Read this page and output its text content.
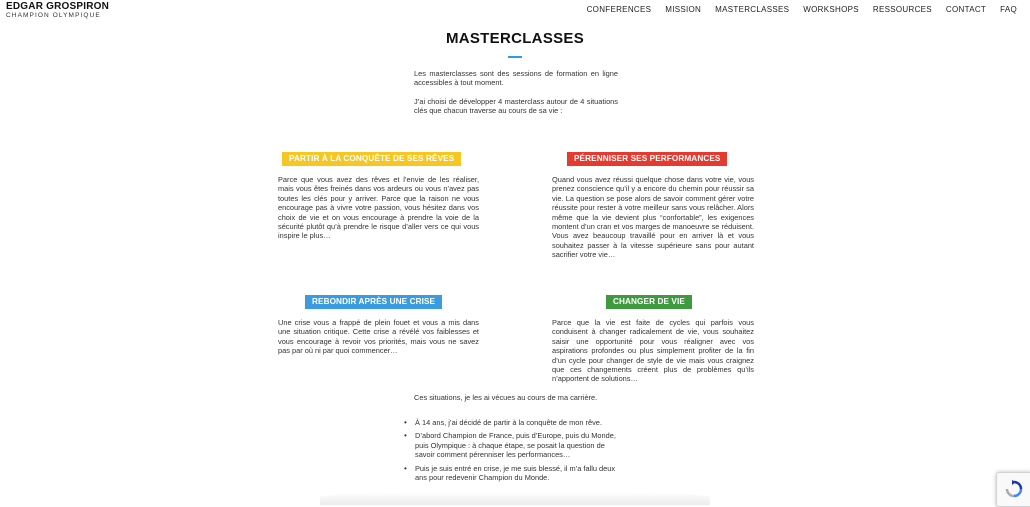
EDGAR GROSPIRON
CHAMPION OLYMPIQUE
CONFERENCES MISSION MASTERCLASSES WORKSHOPS RESSOURCES CONTACT FAQ
MASTERCLASSES
Les masterclasses sont des sessions de formation en ligne accessibles à tout moment.
J’ai choisi de développer 4 masterclass autour de 4 situations clés que chacun traverse au cours de sa vie :
PARTIR À LA CONQUÊTE DE SES RÊVES
Parce que vous avez des rêves et l’envie de les réaliser, mais vous êtes freinés dans vos ardeurs ou vous n’avez pas toutes les clés pour y arriver. Parce que la raison ne vous encourage pas à vivre votre passion, vous hésitez dans vos choix de vie et on vous encourage à prendre la voie de la sécurité plutôt qu’à prendre le risque d’aller vers ce qui vous inspire le plus…
PÉRENNISER SES PERFORMANCES
Quand vous avez réussi quelque chose dans votre vie, vous prenez conscience qu’il y a encore du chemin pour réussir sa vie. La question se pose alors de savoir comment gérer votre réussite pour rester à votre meilleur sans vous relâcher. Alors même que la vie devient plus “confortable”, les exigences montent d’un cran et vos marges de manoeuvre se réduisent. Vous avez beaucoup travaillé pour en arriver là et vous souhaitez passer à la vitesse supérieure sans pour autant sacrifier votre vie…
REBONDIR APRÈS UNE CRISE
Une crise vous a frappé de plein fouet et vous a mis dans une situation critique. Cette crise a révélé vos faiblesses et vous encourage à revoir vos priorités, mais vous ne savez pas par où ni par quoi commencer…
CHANGER DE VIE
Parce que la vie est faite de cycles qui parfois vous conduisent à changer radicalement de vie, vous souhaitez saisir une opportunité pour vous réaligner avec vos aspirations profondes ou plus simplement profiter de la fin d’un cycle pour changer de style de vie mais vous craignez que ces changements créent plus de problèmes qu’ils n’apportent de solutions…
Ces situations, je les ai vécues au cours de ma carrière.
• À 14 ans, j’ai décidé de partir à la conquête de mon rêve.
• D’abord Champion de France, puis d’Europe, puis du Monde, puis Olympique : à chaque étape, se posait la question de savoir comment pérenniser les performances…
• Puis je suis entré en crise, je me suis blessé, il m’a fallu deux ans pour redevenir Champion du Monde.
